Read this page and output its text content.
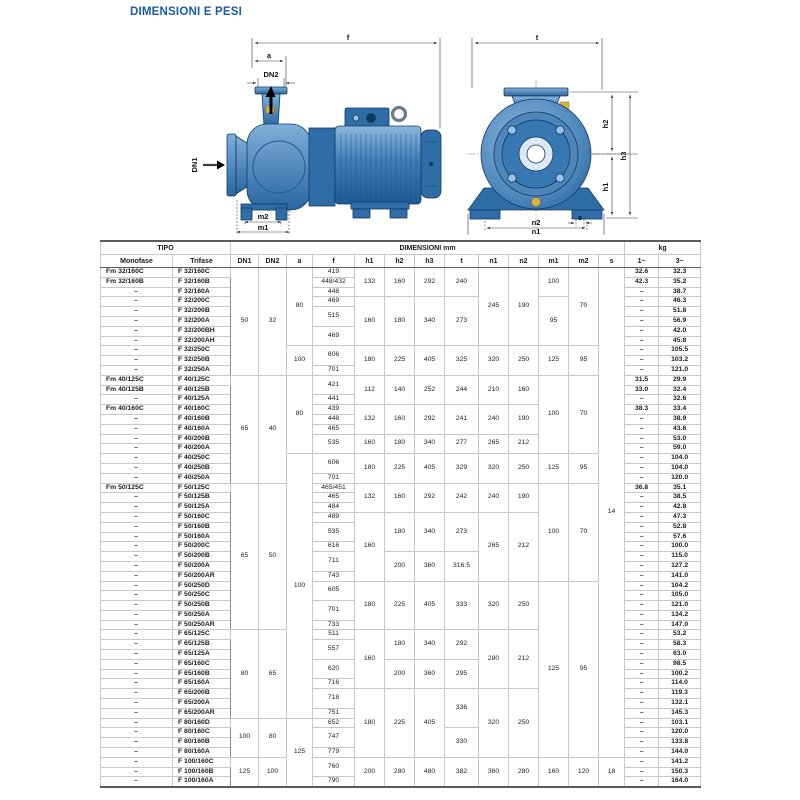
DIMENSIONI E PESI
f
a
DN2
DN1
m2
m1
t
h2
h3
h1
s
n2
n1
TIPO		DIMENSIONI mm													kg	
Monofase	Trifase	DN1	DN2	a	f	h1	h2	h3	t	n1	n2	m1	m2	s	1~	3~
Fm 32/160C	F 32/160C	50	32	80	419	132	160	292	240	245	190	100	70	14	32.6	32.3
Fm 32/160B	F 32/160B				448/432										42.3	35.2
–	F 32/160A				448										–	38.7
–	F 32/200C				469	160	180	340	273			95			–	46.3
–	F 32/200B				515										–	51.8
–	F 32/200A														–	56.9
–	F 32/200BH				469										–	42.0
–	F 32/200AH														–	45.8
–	F 32/250C			100	606	180	225	405	325	320	250	125	95		–	105.5
–	F 32/250B														–	103.2
–	F 32/250A				701										–	121.0
Fm 40/125C	F 40/125C	65	40	80	421	112	140	252	244	210	160	100	70		31.5	29.9
Fm 40/125B	F 40/125B														33.0	32.4
–	F 40/125A				441										–	32.6
Fm 40/160C	F 40/160C				439	132	160	292	241	240	190				38.3	33.4
–	F 40/160B				448										–	38.9
–	F 40/160A				465										–	43.6
–	F 40/200B				535	160	180	340	277	265	212				–	53.0
–	F 40/200A														–	59.0
–	F 40/250C			100	606	180	225	405	329	320	250	125	95		–	104.0
–	F 40/250B														–	104.0
–	F 40/250A				701										–	120.0
Fm 50/125C	F 50/125C	65	50		465/451	132	160	292	242	240	190	100	70		36.8	35.1
–	F 50/125B				465										–	38.5
–	F 50/125A				484										–	42.8
–	F 50/160C				489	160	180	340	273	265	212				–	47.3
–	F 50/160B				535										–	52.8
–	F 50/160A														–	57.6
–	F 50/200C				616										–	100.0
–	F 50/200B				711		200	360	316.5						–	115.0
–	F 50/200A														–	127.2
–	F 50/200AR				743										–	141.0
–	F 50/250D				605	180	225	405	333	320	250	125	95		–	104.2
–	F 50/250C														–	105.0
–	F 50/250B				701										–	121.0
–	F 50/250A														–	134.2
–	F 50/250AR				733										–	147.0
–	F 65/125C	80	65		511	160	180	340	292	280	212				–	53.2
–	F 65/125B				557										–	58.3
–	F 65/125A														–	63.0
–	F 65/160C				620		200	360	295						–	98.5
–	F 65/160B														–	100.2
–	F 65/160A				716										–	114.0
–	F 65/200B				718	180	225	405	336	320	250				–	119.3
–	F 65/200A														–	132.1
–	F 65/200AR				751										–	145.3
–	F 80/160D	100	80	125	652										–	103.1
–	F 80/160C				747				330						–	120.0
–	F 80/160B														–	133.8
–	F 80/160A				779										–	144.0
–	F 100/160C	125	100		760	200	280	480	382	360	280	160	120	18	–	141.2
–	F 100/160B														–	150.3
–	F 100/160A				790										–	164.0
